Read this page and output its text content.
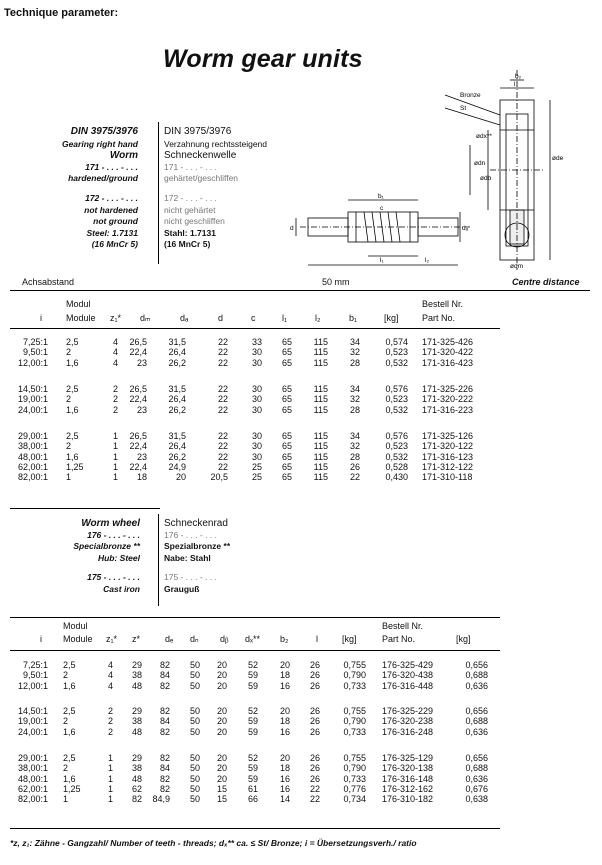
Technique parameter:
Worm gear units
DIN 3975/3976
Gearing right hand
Worm
171 - . . . - . . .
hardened/ground
172 - . . . - . . .
not hardened
not ground
Steel: 1.7131
(16 MnCr 5)
DIN 3975/3976
Verzahnung rechtssteigend
Schneckenwelle
171 - . . . - . . .
gehärtet/geschliffen
172 - . . . - . . .
nicht gehärtet
nicht geschliffen
Stahl: 1.7131
(16 MnCr 5)
Bronze
St
b₂
l
b₁
c
d	dₐ
l₁	l₂
ødm
øde
ødn
ødb
ødx**
Achsabstand	50 mm	Centre distance
Modul	Bestell Nr.
i	Module z₁* dₘ	dₐ	d	c	l₁	l₂	b₁	[kg]	Part No.
7,25:1 2,5	4	26,5	31,5	22	33	65	115	34	0,574 171-325-426
9,50:1 2	4	22,4	26,4	22	30	65	115	32	0,523 171-320-422
12,00:1 1,6	4	23	26,2	22	30	65	115	28	0,532 171-316-423
14,50:1 2,5	2	26,5	31,5	22	30	65	115	34	0,576 171-325-226
19,00:1 2	2	22,4	26,4	22	30	65	115	32	0,523 171-320-222
24,00:1 1,6	2	23	26,2	22	30	65	115	28	0,532 171-316-223
29,00:1 2,5	1	26,5	31,5	22	30	65	115	34	0,576 171-325-126
38,00:1 2	1	22,4	26,4	22	30	65	115	32	0,523 171-320-122
48,00:1 1,6	1	23	26,2	22	30	65	115	28	0,532 171-316-123
62,00:1 1,25	1	22,4	24,9	22	25	65	115	26	0,528 171-312-122
82,00:1 1	1	18	20	20,5	25	65	115	22	0,430 171-310-118
Worm wheel
176 - . . . - . . .
Specialbronze **
Hub: Steel
175 - . . . - . . .
Cast iron
Schneckenrad
176 - . . . - . . .
Spezialbronze **
Nabe: Stahl
175 - . . . - . . .
Grauguß
Modul	Bestell Nr.
i Module z₁* z*	dₑ dₙ dᵦ dₓ** b₂	l	[kg]	Part No.	[kg]
7,25:1 2,5	4	29	82	50	20	52	20	26	0,755 176-325-429	0,656
9,50:1 2	4	38	84	50	20	59	18	26	0,790 176-320-438	0,688
12,00:1 1,6	4	48	82	50	20	59	16	26	0,733 176-316-448	0,636
14,50:1 2,5	2	29	82	50	20	52	20	26	0,755 176-325-229	0,656
19,00:1 2	2	38	84	50	20	59	18	26	0,790 176-320-238	0,688
24,00:1 1,6	2	48	82	50	20	59	16	26	0,733 176-316-248	0,636
29,00:1 2,5	1	29	82	50	20	52	20	26	0,755 176-325-129	0,656
38,00:1 2	1	38	84	50	20	59	18	26	0,790 176-320-138	0,688
48,00:1 1,6	1	48	82	50	20	59	16	26	0,733 176-316-148	0,636
62,00:1 1,25	1	62	82	50	15	61	16	22	0,776 176-312-162	0,676
82,00:1 1	1	82	84,9	50	15	66	14	22	0,734 176-310-182	0,638
*z, z₁: Zähne - Gangzahl/ Number of teeth - threads; dₓ** ca. ≤ St/ Bronze; i = Übersetzungsverh./ ratio
